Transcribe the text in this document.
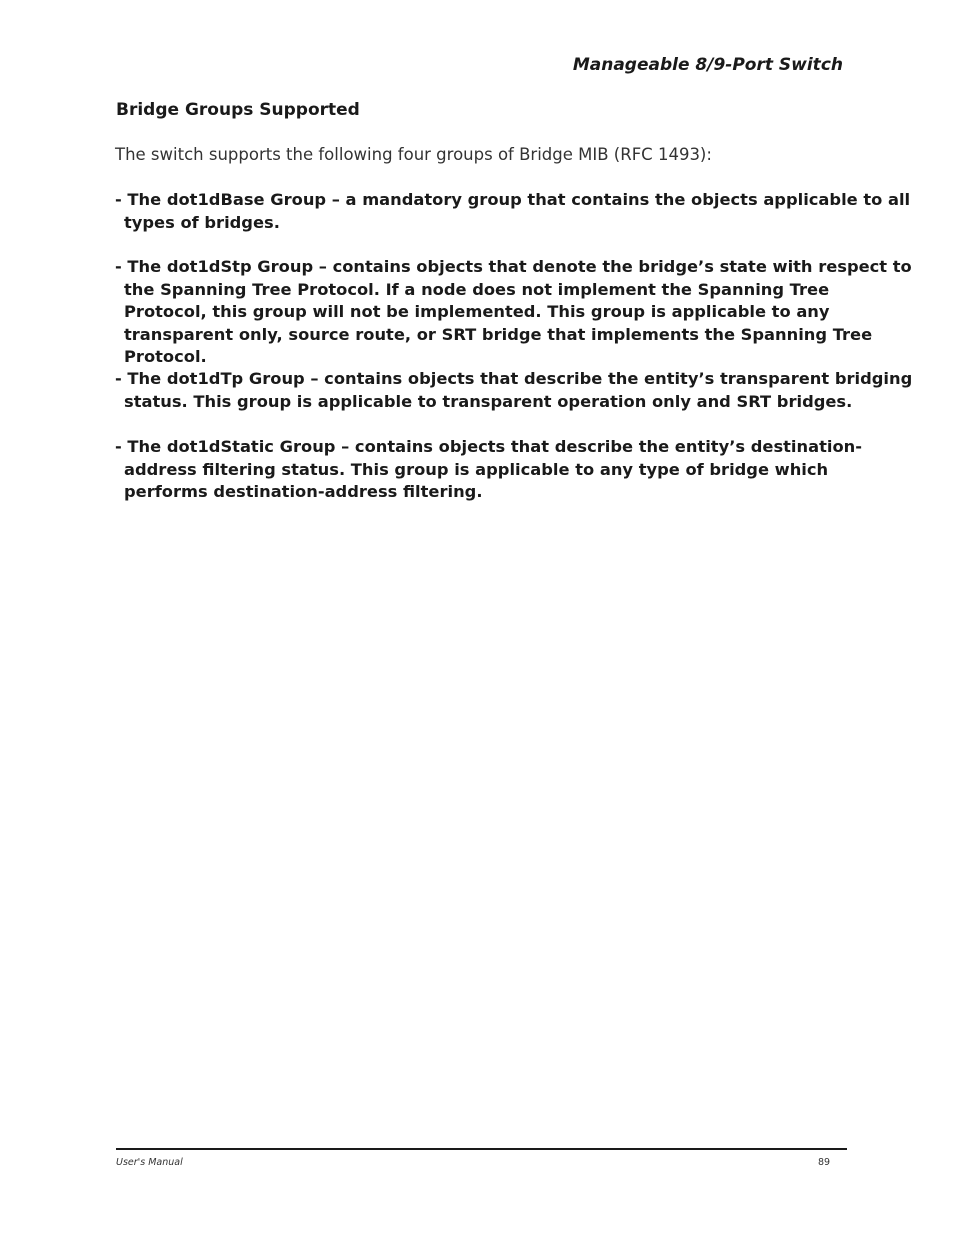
Manageable 8/9-Port Switch
Bridge Groups Supported

The switch supports the following four groups of Bridge MIB (RFC 1493):

- The dot1dBase Group – a mandatory group that contains the objects applicable to all types of bridges.

- The dot1dStp Group – contains objects that denote the bridge’s state with respect to the Spanning Tree Protocol. If a node does not implement the Spanning Tree Protocol, this group will not be implemented. This group is applicable to any transparent only, source route, or SRT bridge that implements the Spanning Tree Protocol.

- The dot1dTp Group – contains objects that describe the entity’s transparent bridging status. This group is applicable to transparent operation only and SRT bridges.

- The dot1dStatic Group – contains objects that describe the entity’s destination-address filtering status. This group is applicable to any type of bridge which performs destination-address filtering.

User's Manual	89
